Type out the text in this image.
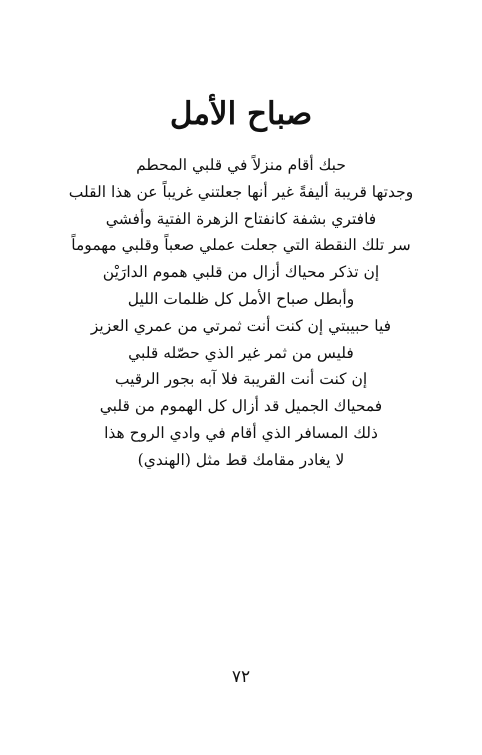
صباح الأمل
حبك أقام منزلاً في قلبي المحطم
وجدتها قريبة أليفةً غير أنها جعلتني غريباً عن هذا القلب
فافتري بشفة كانفتاح الزهرة الفتية وأفشي
سر تلك النقطة التي جعلت عملي صعباً وقلبي مهموماً
إن تذكر محياك أزال من قلبي هموم الدارَيْن
وأبطل صباح الأمل كل ظلمات الليل
فيا حبيبتي إن كنت أنت ثمرتي من عمري العزيز
فليس من ثمر غير الذي حصّله قلبي
إن كنت أنت القريبة فلا آبه بجور الرقيب
فمحياك الجميل قد أزال كل الهموم من قلبي
ذلك المسافر الذي أقام في وادي الروح هذا
لا يغادر مقامك قط مثل (الهندي)
٧٢
